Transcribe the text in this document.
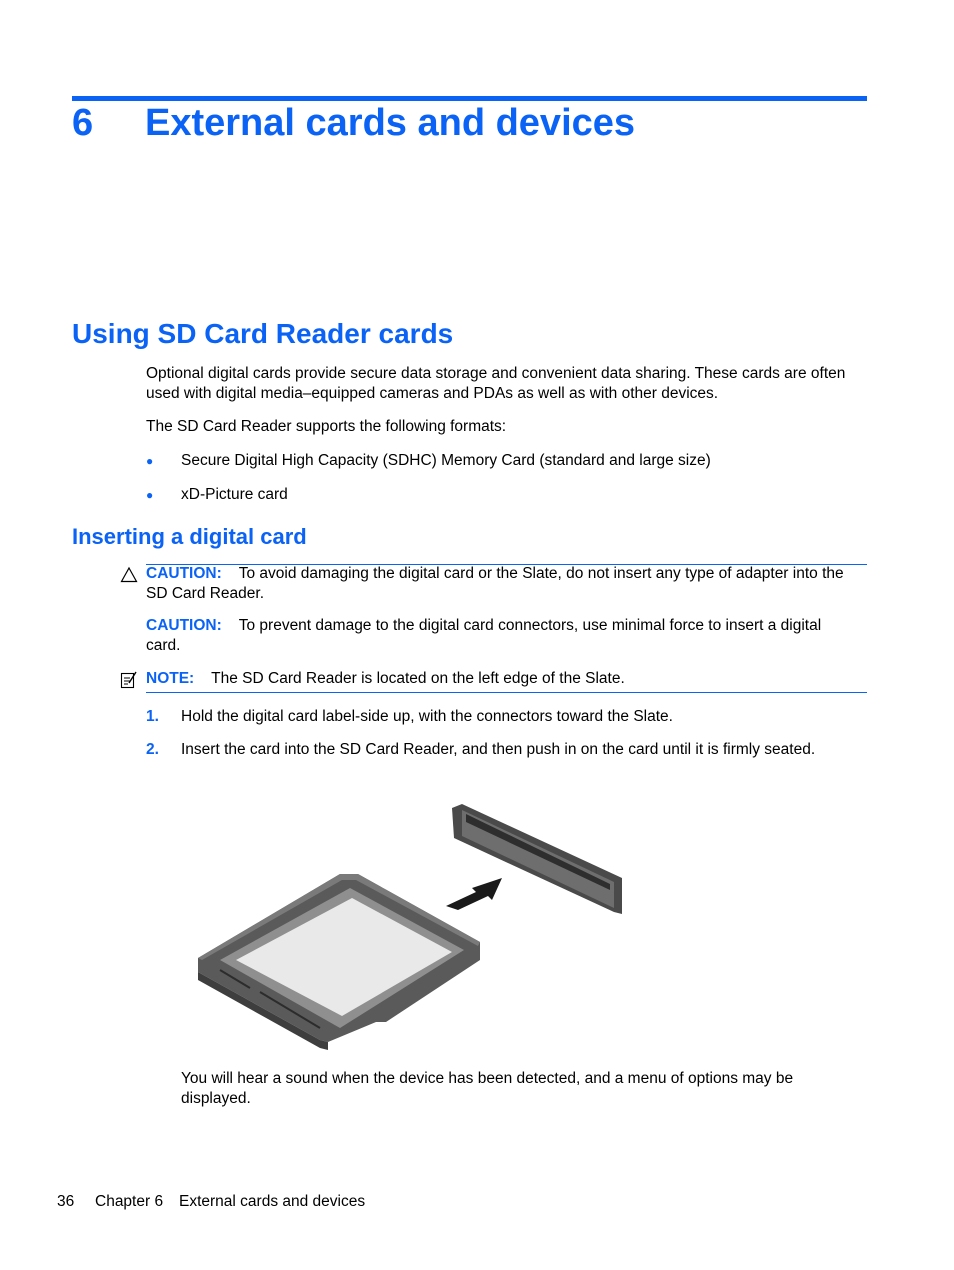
6 External cards and devices
Using SD Card Reader cards
Optional digital cards provide secure data storage and convenient data sharing. These cards are often used with digital media–equipped cameras and PDAs as well as with other devices.
The SD Card Reader supports the following formats:
● Secure Digital High Capacity (SDHC) Memory Card (standard and large size)
● xD-Picture card
Inserting a digital card
CAUTION: To avoid damaging the digital card or the Slate, do not insert any type of adapter into the SD Card Reader.
CAUTION: To prevent damage to the digital card connectors, use minimal force to insert a digital card.
NOTE: The SD Card Reader is located on the left edge of the Slate.
1. Hold the digital card label-side up, with the connectors toward the Slate.
2. Insert the card into the SD Card Reader, and then push in on the card until it is firmly seated.
You will hear a sound when the device has been detected, and a menu of options may be displayed.
36 Chapter 6 External cards and devices
